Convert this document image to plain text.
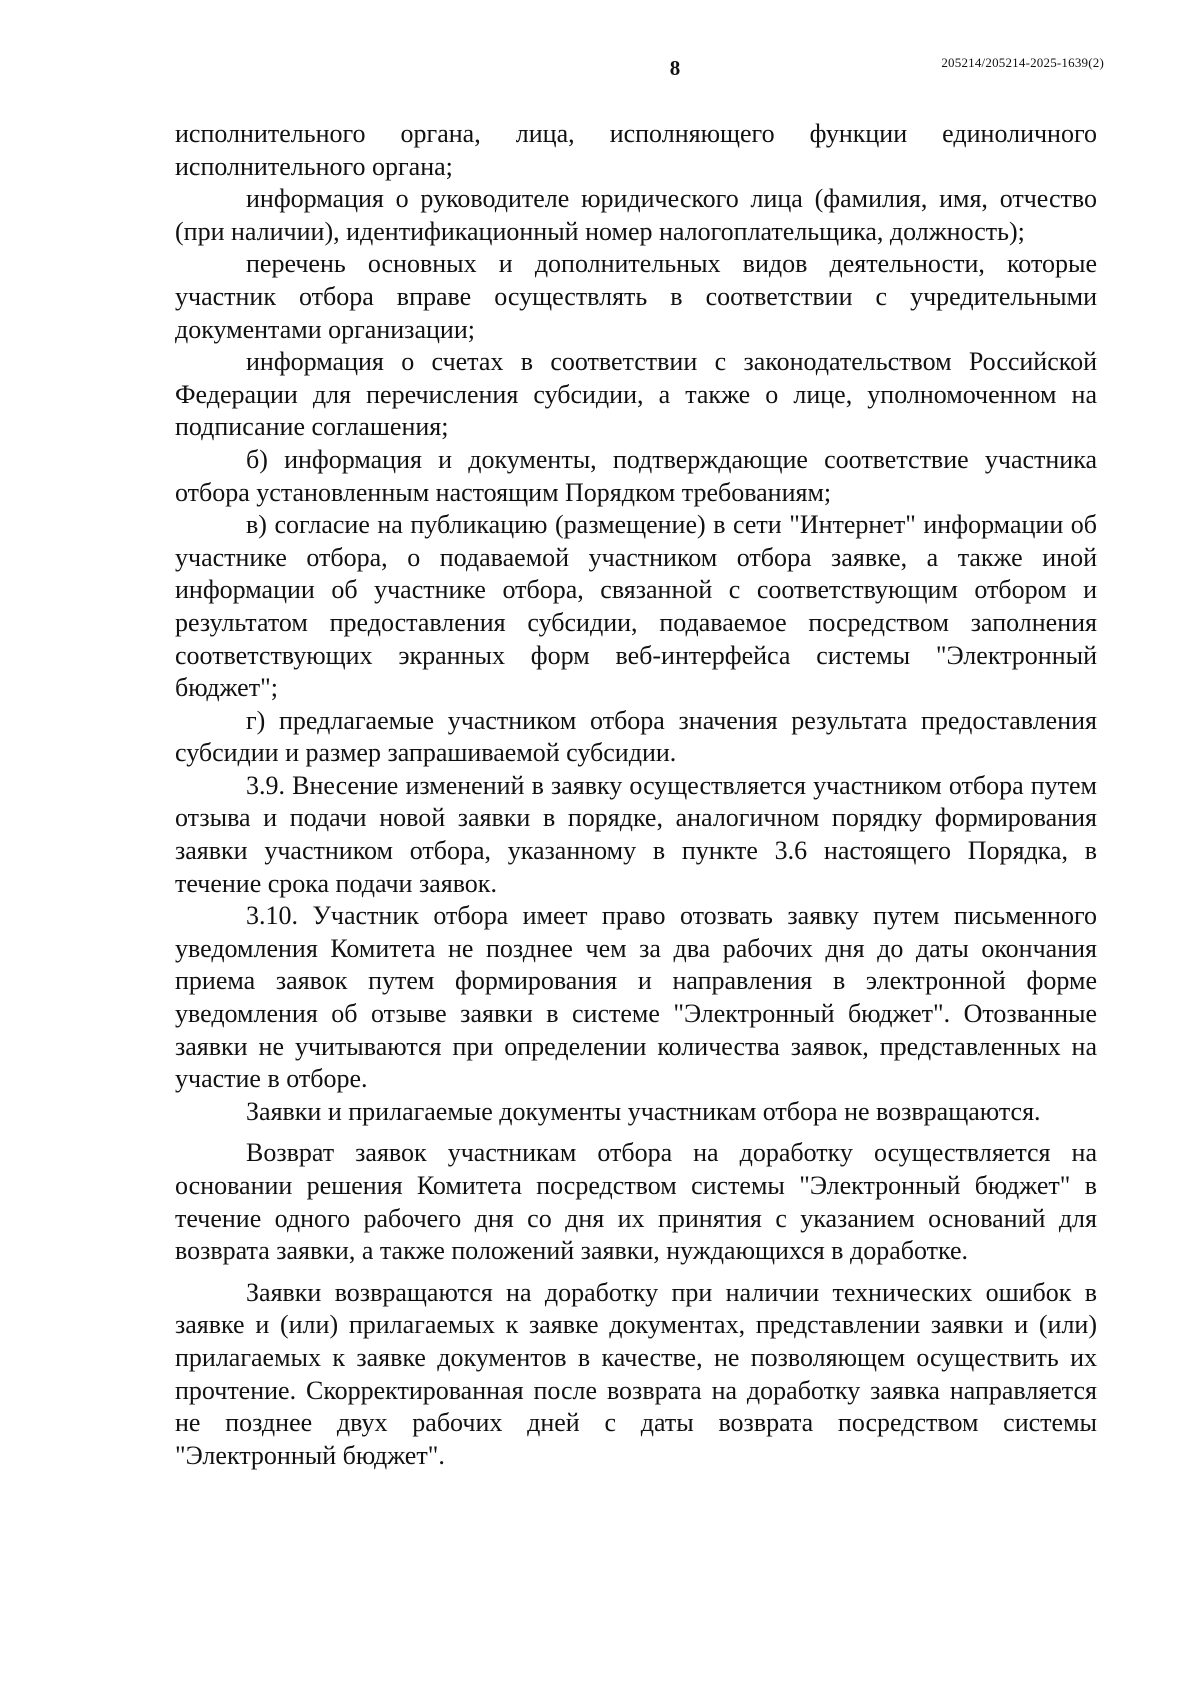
8	205214/205214-2025-1639(2)

исполнительного органа, лица, исполняющего функции единоличного исполнительного органа;

информация о руководителе юридического лица (фамилия, имя, отчество (при наличии), идентификационный номер налогоплательщика, должность);

перечень основных и дополнительных видов деятельности, которые участник отбора вправе осуществлять в соответствии с учредительными документами организации;

информация о счетах в соответствии с законодательством Российской Федерации для перечисления субсидии, а также о лице, уполномоченном на подписание соглашения;

б) информация и документы, подтверждающие соответствие участника отбора установленным настоящим Порядком требованиям;

в) согласие на публикацию (размещение) в сети "Интернет" информации об участнике отбора, о подаваемой участником отбора заявке, а также иной информации об участнике отбора, связанной с соответствующим отбором и результатом предоставления субсидии, подаваемое посредством заполнения соответствующих экранных форм веб-интерфейса системы "Электронный бюджет";

г) предлагаемые участником отбора значения результата предоставления субсидии и размер запрашиваемой субсидии.

3.9. Внесение изменений в заявку осуществляется участником отбора путем отзыва и подачи новой заявки в порядке, аналогичном порядку формирования заявки участником отбора, указанному в пункте 3.6 настоящего Порядка, в течение срока подачи заявок.

3.10. Участник отбора имеет право отозвать заявку путем письменного уведомления Комитета не позднее чем за два рабочих дня до даты окончания приема заявок путем формирования и направления в электронной форме уведомления об отзыве заявки в системе "Электронный бюджет". Отозванные заявки не учитываются при определении количества заявок, представленных на участие в отборе.

Заявки и прилагаемые документы участникам отбора не возвращаются.

Возврат заявок участникам отбора на доработку осуществляется на основании решения Комитета посредством системы "Электронный бюджет" в течение одного рабочего дня со дня их принятия с указанием оснований для возврата заявки, а также положений заявки, нуждающихся в доработке.

Заявки возвращаются на доработку при наличии технических ошибок в заявке и (или) прилагаемых к заявке документах, представлении заявки и (или) прилагаемых к заявке документов в качестве, не позволяющем осуществить их прочтение. Скорректированная после возврата на доработку заявка направляется не позднее двух рабочих дней с даты возврата посредством системы "Электронный бюджет".
